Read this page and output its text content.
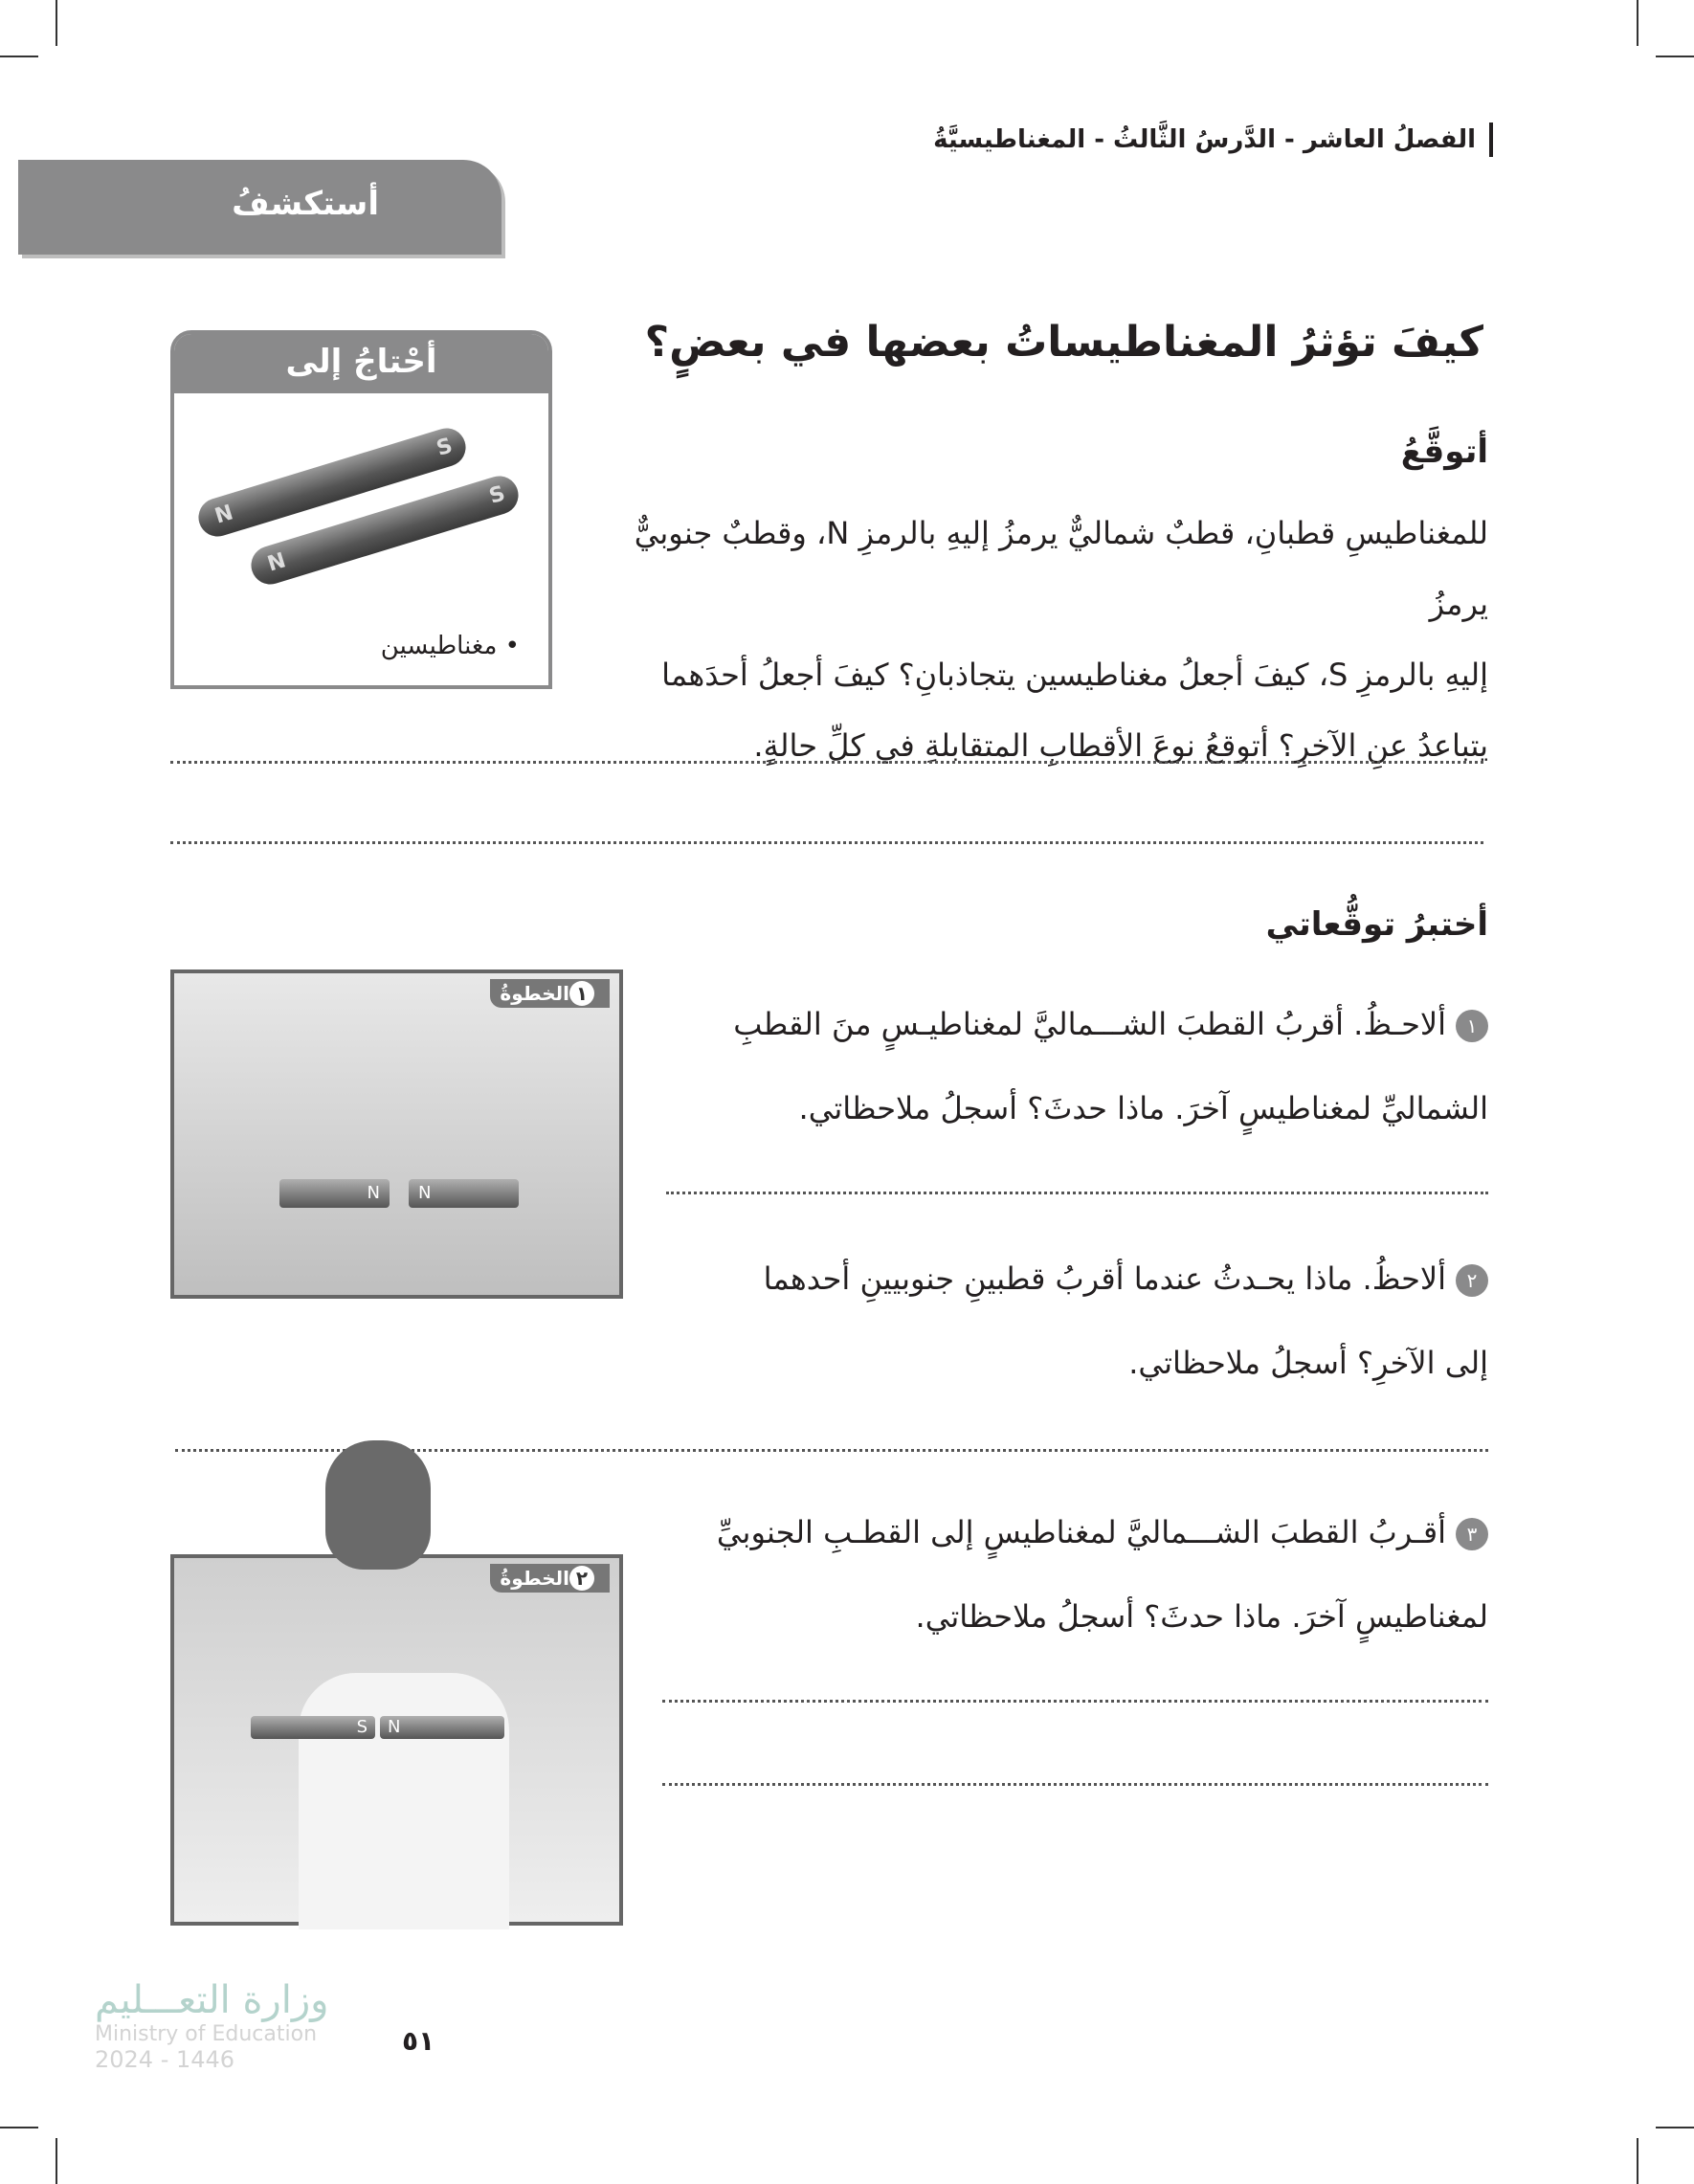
الفصلُ العاشر - الدَّرسُ الثَّالثُ - المغناطيسيَّةُ
أستكشفُ
كيفَ تؤثرُ المغناطيساتُ بعضها في بعضٍ؟
أحْتاجُ إلى
N
S
N
S
• مغناطيسين
أتوقَّعُ
للمغناطيسِ قطبانِ، قطبٌ شماليٌّ يرمزُ إليهِ بالرمزِ N، وقطبٌ جنوبيٌّ يرمزُ
إليهِ بالرمزِ S، كيفَ أجعلُ مغناطيسين يتجاذبانِ؟ كيفَ أجعلُ أحدَهما
يتباعدُ عنِ الآخرِ؟ أتوقعُ نوعَ الأقطابِ المتقابلةِ في كلِّ حالةٍ.
أختبرُ توقُّعاتي
الخطوةُ ١
N N
١ألاحـظُ. أقربُ القطبَ الشـــماليَّ لمغناطيـسٍ منَ القطبِ
الشماليِّ لمغناطيسٍ آخرَ. ماذا حدثَ؟ أسجلُ ملاحظاتي.
٢ألاحظُ. ماذا يحـدثُ عندما أقربُ قطبينِ جنوبيينِ أحدهما
إلى الآخرِ؟ أسجلُ ملاحظاتي.
٣أقـربُ القطبَ الشـــماليَّ لمغناطيسٍ إلى القطـبِ الجنوبيِّ
لمغناطيسٍ آخرَ. ماذا حدثَ؟ أسجلُ ملاحظاتي.
الخطوةُ ٢
S N
وزارة التعـــليم
Ministry of Education
2024 - 1446
٥١
